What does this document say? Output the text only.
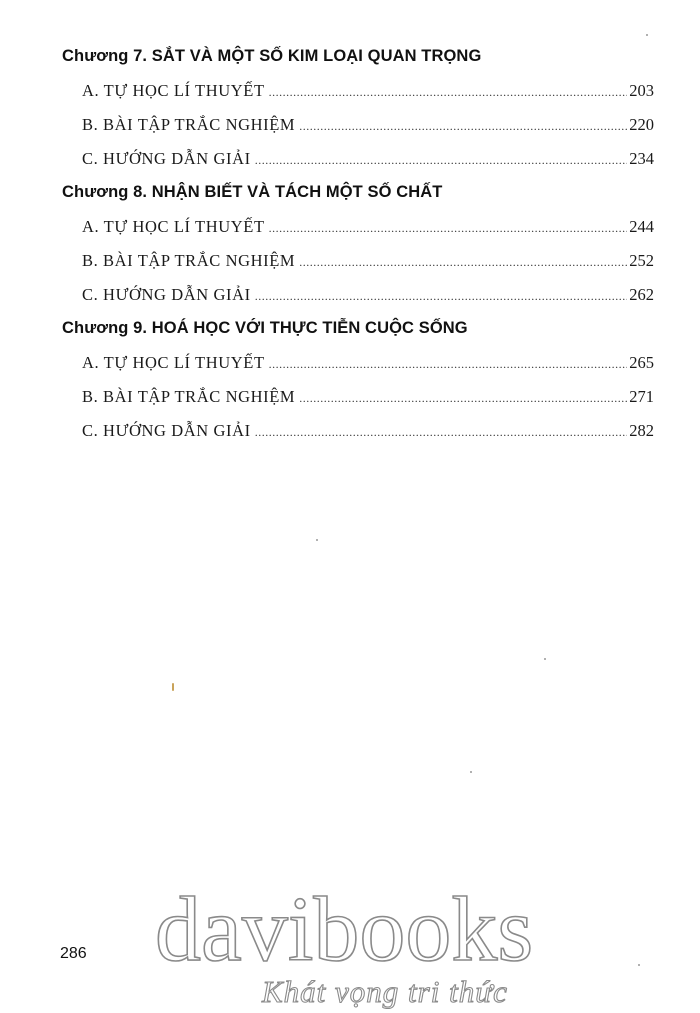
Chương 7. SẮT VÀ MỘT SỐ KIM LOẠI QUAN TRỌNG
A. TỰ HỌC LÍ THUYẾT .....	203
B. BÀI TẬP TRẮC NGHIỆM .....	220
C. HƯỚNG DẪN GIẢI .....	234
Chương 8. NHẬN BIẾT VÀ TÁCH MỘT SỐ CHẤT
A. TỰ HỌC LÍ THUYẾT .....	244
B. BÀI TẬP TRẮC NGHIỆM .....	252
C. HƯỚNG DẪN GIẢI .....	262
Chương 9. HOÁ HỌC VỚI THỰC TIỄN CUỘC SỐNG
A. TỰ HỌC LÍ THUYẾT .....	265
B. BÀI TẬP TRẮC NGHIỆM .....	271
C. HƯỚNG DẪN GIẢI .....	282
286 davibooks
Khát vọng tri thức
